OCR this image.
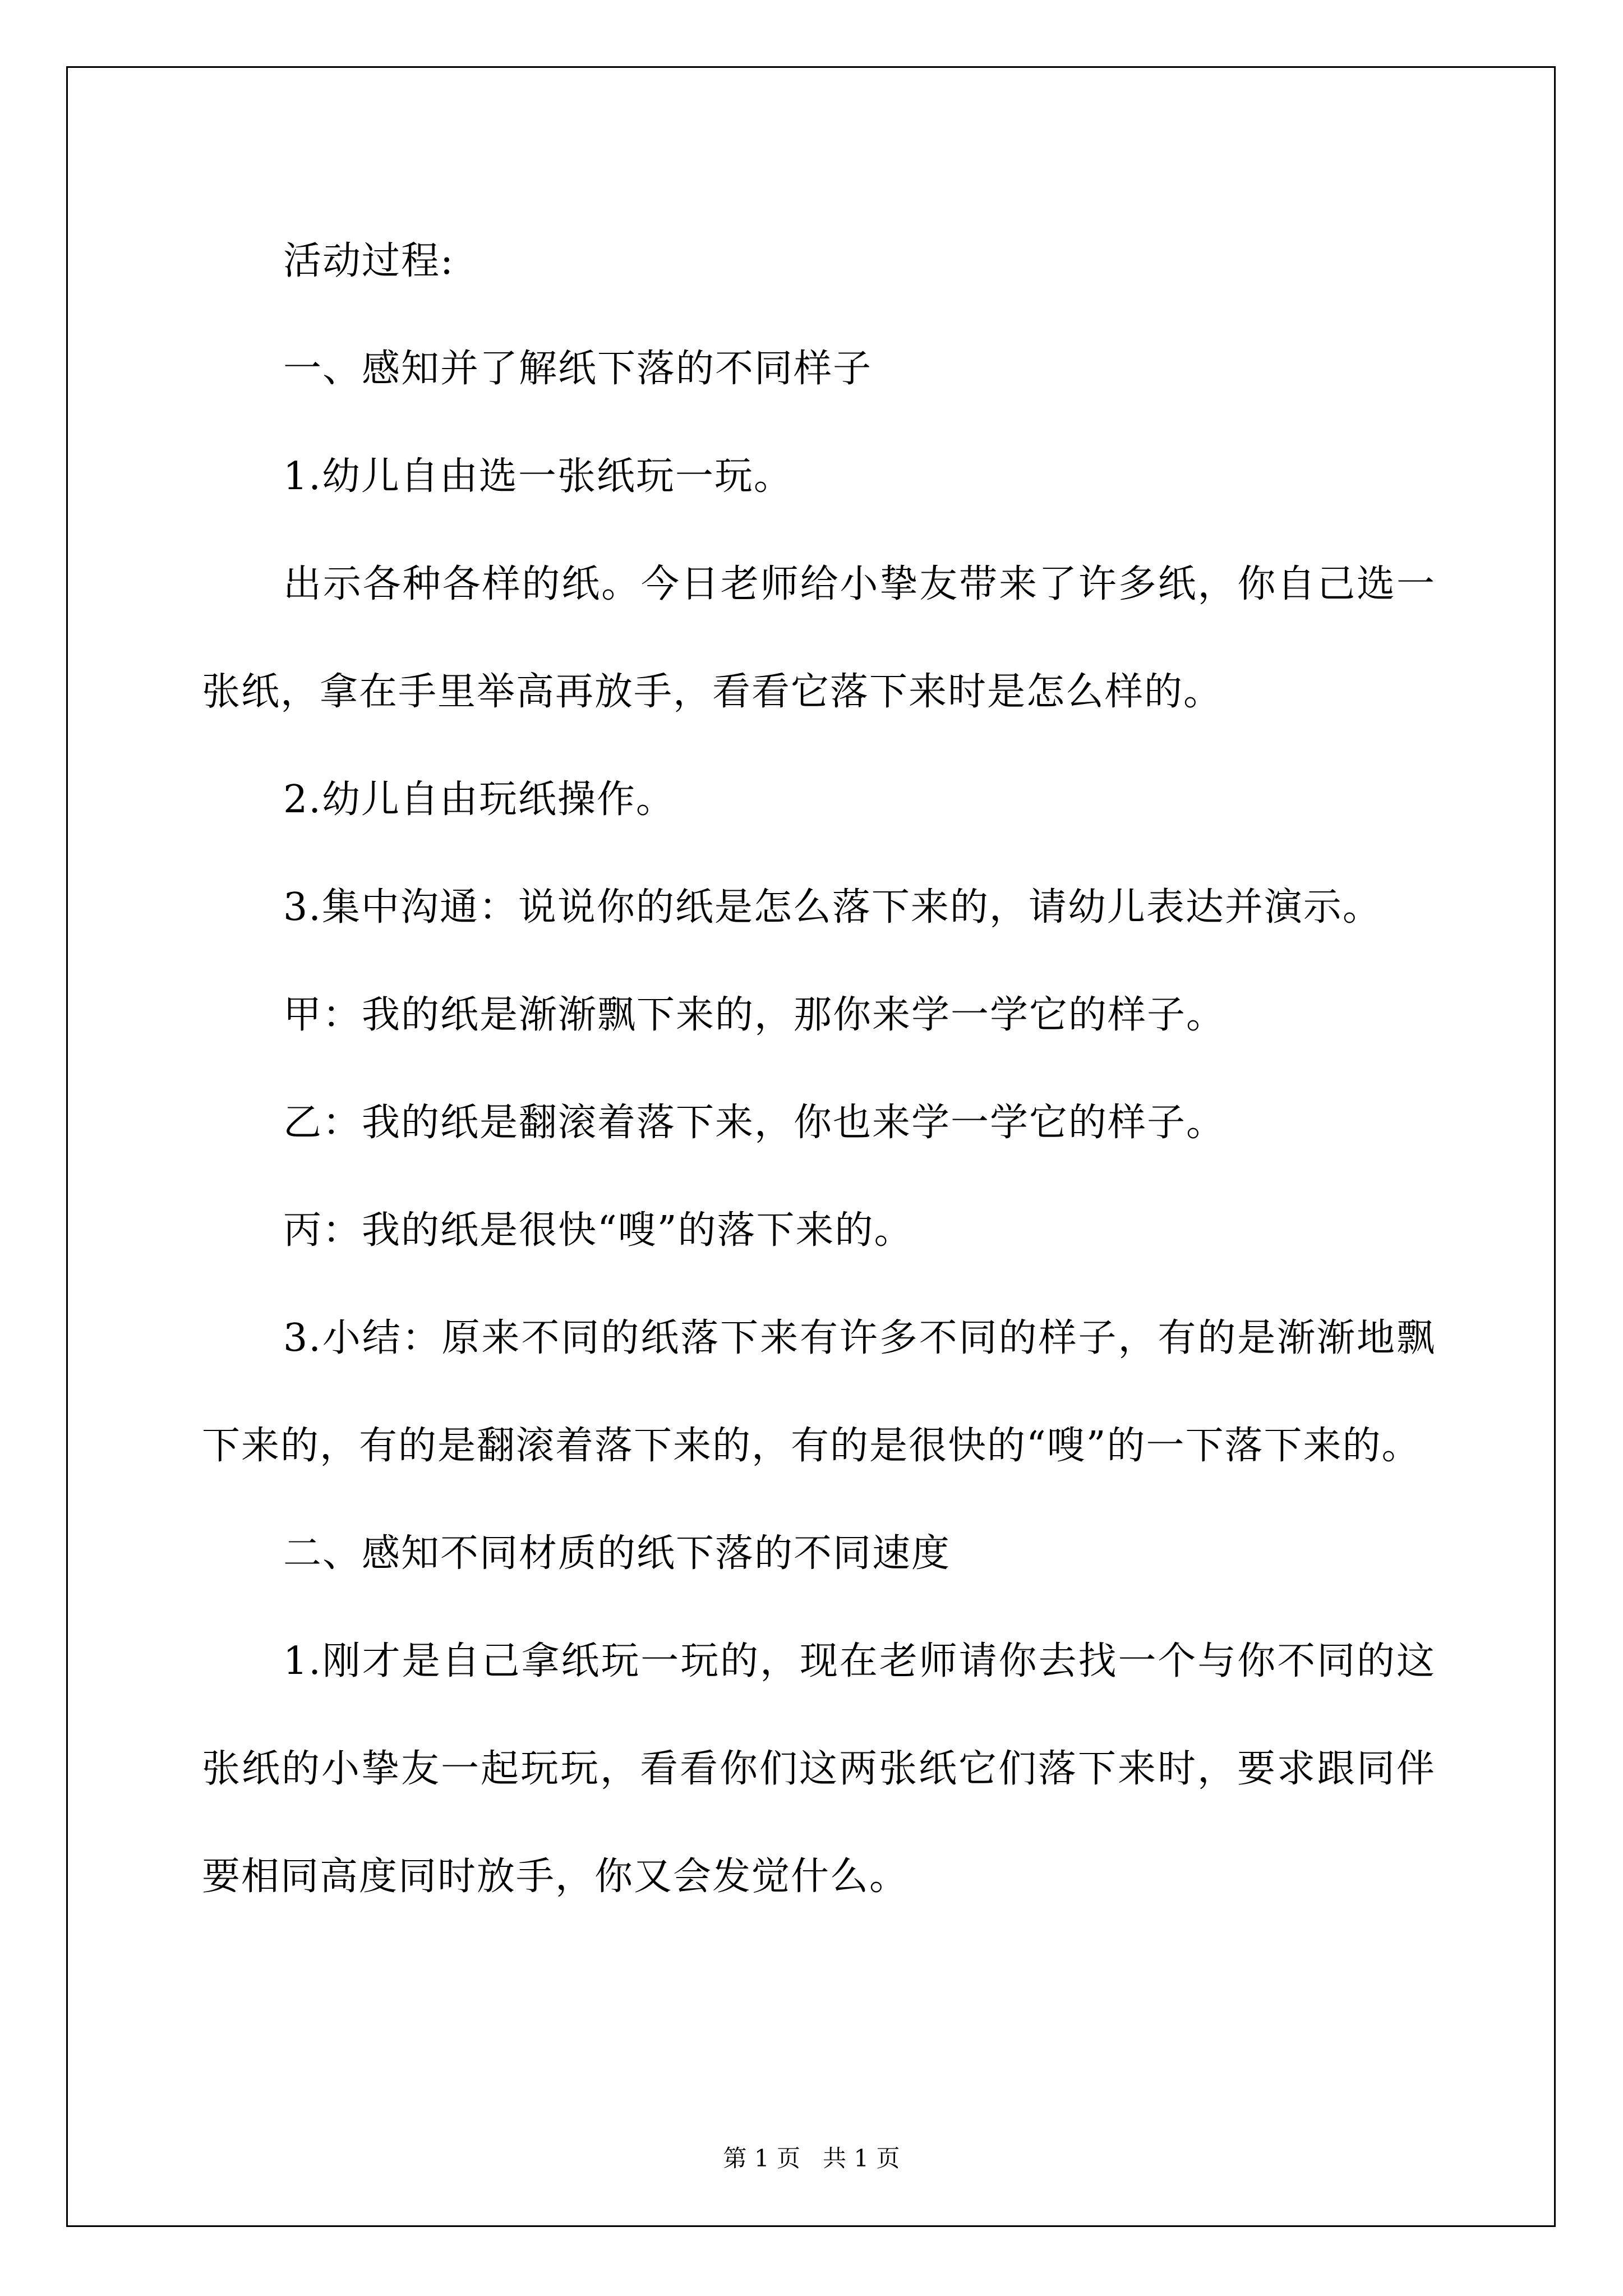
活动过程:

一、感知并了解纸下落的不同样子

1.幼儿自由选一张纸玩一玩。

出示各种各样的纸。今日老师给小挚友带来了许多纸，你自己选一张纸，拿在手里举高再放手，看看它落下来时是怎么样的。

2.幼儿自由玩纸操作。

3.集中沟通：说说你的纸是怎么落下来的，请幼儿表达并演示。

甲：我的纸是渐渐飘下来的，那你来学一学它的样子。

乙：我的纸是翻滚着落下来，你也来学一学它的样子。

丙：我的纸是很快“嗖”的落下来的。

3.小结：原来不同的纸落下来有许多不同的样子，有的是渐渐地飘下来的，有的是翻滚着落下来的，有的是很快的“嗖”的一下落下来的。

二、感知不同材质的纸下落的不同速度

1.刚才是自己拿纸玩一玩的，现在老师请你去找一个与你不同的这张纸的小挚友一起玩玩，看看你们这两张纸它们落下来时，要求跟同伴要相同高度同时放手，你又会发觉什么。

第 1 页   共 1 页
